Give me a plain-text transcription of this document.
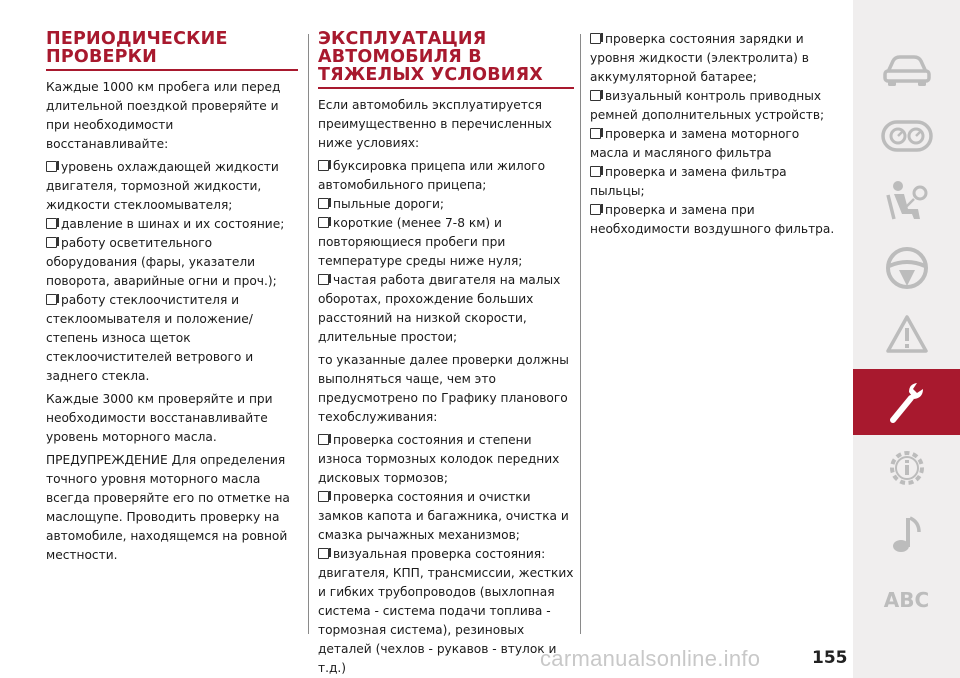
ПЕРИОДИЧЕСКИЕ
ПРОВЕРКИ

Каждые 1000 км пробега или перед длительной поездкой проверяйте и при необходимости восстанавливайте:

уровень охлаждающей жидкости двигателя, тормозной жидкости, жидкости стеклоомывателя;

давление в шинах и их состояние;

работу осветительного оборудования (фары, указатели поворота, аварийные огни и проч.);

работу стеклоочистителя и стеклоомывателя и положение/степень износа щеток стеклоочистителей ветрового и заднего стекла.

Каждые 3000 км проверяйте и при необходимости восстанавливайте уровень моторного масла.

ПРЕДУПРЕЖДЕНИЕ Для определения точного уровня моторного масла всегда проверяйте его по отметке на маслощупе. Проводить проверку на автомобиле, находящемся на ровной местности.

ЭКСПЛУАТАЦИЯ
АВТОМОБИЛЯ В
ТЯЖЕЛЫХ УСЛОВИЯХ

Если автомобиль эксплуатируется преимущественно в перечисленных ниже условиях:

буксировка прицепа или жилого автомобильного прицепа;

пыльные дороги;

короткие (менее 7-8 км) и повторяющиеся пробеги при температуре среды ниже нуля;

частая работа двигателя на малых оборотах, прохождение больших расстояний на низкой скорости, длительные простои;

то указанные далее проверки должны выполняться чаще, чем это предусмотрено по Графику планового техобслуживания:

проверка состояния и степени износа тормозных колодок передних дисковых тормозов;

проверка состояния и очистки замков капота и багажника, очистка и смазка рычажных механизмов;

визуальная проверка состояния: двигателя, КПП, трансмиссии, жестких и гибких трубопроводов (выхлопная система - система подачи топлива - тормозная система), резиновых деталей (чехлов - рукавов - втулок и т.д.)

проверка состояния зарядки и уровня жидкости (электролита) в аккумуляторной батарее;

визуальный контроль приводных ремней дополнительных устройств;

проверка и замена моторного масла и масляного фильтра

проверка и замена фильтра пыльцы;

проверка и замена при необходимости воздушного фильтра.

ABC
carmanualsonline.info	155
